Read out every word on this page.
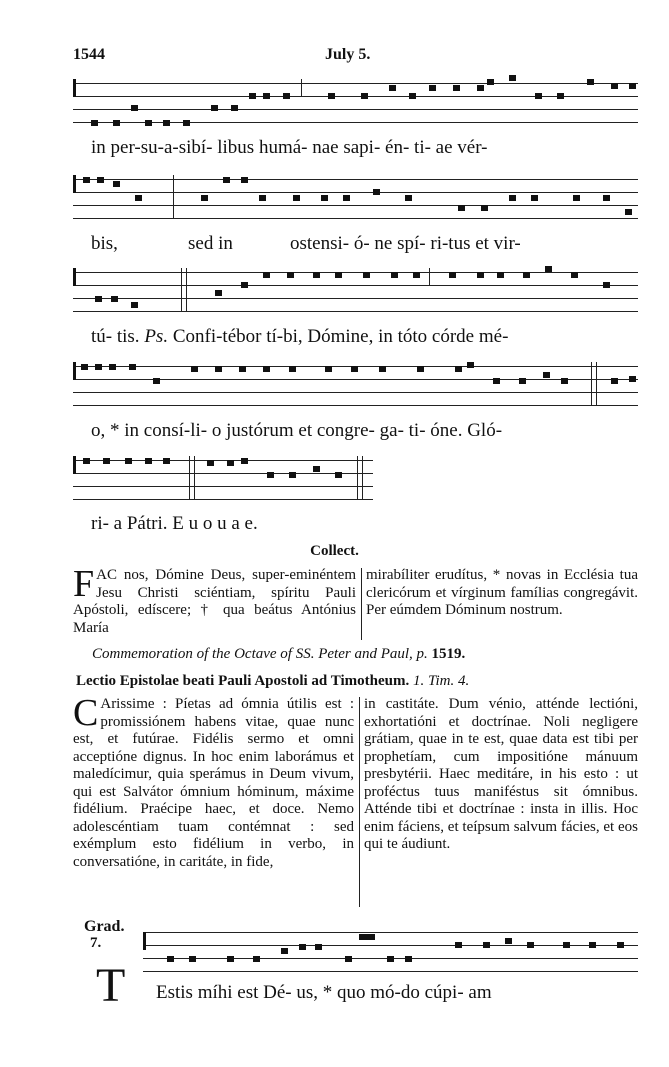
1544	July 5.
in per-su-a-sibí- libus humá- nae sapi- én- ti- ae vér-
bis,	sed in	ostensi- ó- ne spí- ri-tus et vir-
tú- tis. Ps. Confi-tébor tí-bi, Dómine, in tóto córde mé-
o, * in consí-li- o justórum et congre- ga- ti- óne. Gló-
ri- a Pátri. E u o u a e.
Collect.
FAC nos, Dómine Deus, super-eminéntem Jesu Christi sciéntiam, spíritu Pauli Apóstoli, edíscere; † qua beátus Antónius María
mirabíliter erudítus, * novas in Ecclésia tua clericórum et vírginum famílias congregávit. Per eúmdem Dóminum nostrum.
Commemoration of the Octave of SS. Peter and Paul, p. 1519.
Lectio Epistolae beati Pauli Apostoli ad Timotheum. 1. Tim. 4.
C Arissime : Píetas ad ómnia útilis est : promissiónem habens vitae, quae nunc est, et futúrae. Fidélis sermo et omni acceptióne dignus. In hoc enim laborámus et maledícimur, quia sperámus in Deum vivum, qui est Salvátor ómnium hóminum, máxime fidélium. Praécipe haec, et doce. Nemo adolescéntiam tuam contémnat : sed exémplum esto fidélium in verbo, in conversatióne, in caritáte, in fide,
in castitáte. Dum vénio, atténde lectióni, exhortatióni et doctrínae. Noli negligere grátiam, quae in te est, quae data est tibi per prophetíam, cum impositióne mánuum presbytérii. Haec meditáre, in his esto : ut proféctus tuus maniféstus sit ómnibus. Atténde tibi et doctrínae : insta in illis. Hoc enim fáciens, et teípsum salvum fácies, et eos qui te áudiunt.
Grad.
7.
T Estis míhi est Dé- us, * quo mó-do cúpi- am
